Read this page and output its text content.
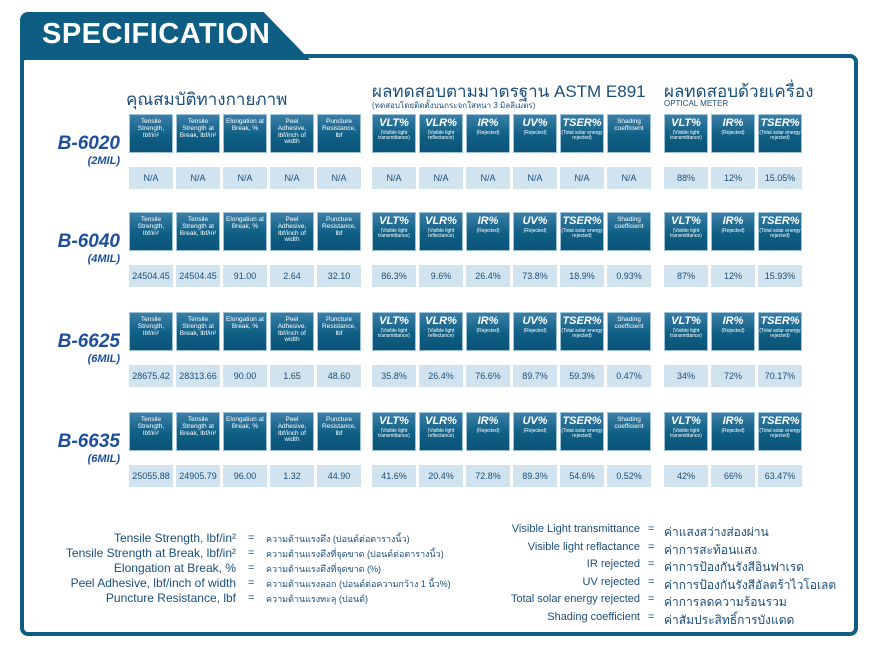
SPECIFICATION
คุณสมบัติทางกายภาพ	ผลทดสอบตามมาตรฐาน ASTM E891
(ทดสอบโดยติดตั้งบนกระจกใสหนา 3 มิลลิเมตร)
ผลทดสอบด้วยเครื่อง
OPTICAL METER
B-6020
(2MIL)
Tensile Strength, lbf/in²
N/A
Tensile Strength at Break, lbf/in²
N/A
Elongation at Break, %
N/A
Peel Adhesive, lbf/inch of width
N/A
Puncture Resistance, lbf
N/A
VLT%
(Visible light transmittance)
N/A
VLR%
(Visible light reflectance)
N/A
IR%
(Rejected)
N/A
UV%
(Rejected)
N/A
TSER%
(Total solar energy rejected)
N/A
Shading coefficient
N/A
VLT%
(Visible light transmittance)
88%
IR%
(Rejected)
12%
TSER%
(Total solar energy rejected)
15.05%
B-6040
(4MIL)
Tensile Strength, lbf/in²
24504.45
Tensile Strength at Break, lbf/in²
24504.45
Elongation at Break, %
91.00
Peel Adhesive, lbf/inch of width
2.64
Puncture Resistance, lbf
32.10
VLT%
(Visible light transmittance)
86.3%
VLR%
(Visible light reflectance)
9.6%
IR%
(Rejected)
26.4%
UV%
(Rejected)
73.8%
TSER%
(Total solar energy rejected)
18.9%
Shading coefficient
0.93%
VLT%
(Visible light transmittance)
87%
IR%
(Rejected)
12%
TSER%
(Total solar energy rejected)
15.93%
B-6625
(6MIL)
Tensile Strength, lbf/in²
28675.42
Tensile Strength at Break, lbf/in²
28313.66
Elongation at Break, %
90.00
Peel Adhesive, lbf/inch of width
1.65
Puncture Resistance, lbf
48.60
VLT%
(Visible light transmittance)
35.8%
VLR%
(Visible light reflectance)
26.4%
IR%
(Rejected)
76.6%
UV%
(Rejected)
89.7%
TSER%
(Total solar energy rejected)
59.3%
Shading coefficient
0.47%
VLT%
(Visible light transmittance)
34%
IR%
(Rejected)
72%
TSER%
(Total solar energy rejected)
70.17%
B-6635
(6MIL)
Tensile Strength, lbf/in²
25055.88
Tensile Strength at Break, lbf/in²
24905.79
Elongation at Break, %
96.00
Peel Adhesive, lbf/inch of width
1.32
Puncture Resistance, lbf
44.90
VLT%
(Visible light transmittance)
41.6%
VLR%
(Visible light reflectance)
20.4%
IR%
(Rejected)
72.8%
UV%
(Rejected)
89.3%
TSER%
(Total solar energy rejected)
54.6%
Shading coefficient
0.52%
VLT%
(Visible light transmittance)
42%
IR%
(Rejected)
66%
TSER%
(Total solar energy rejected)
63.47%
Tensile Strength, lbf/in² = ความต้านแรงดึง (ปอนด์ต่อตารางนิ้ว)
Tensile Strength at Break, lbf/in² = ความต้านแรงดึงที่จุดขาด (ปอนด์ต่อตารางนิ้ว)
Elongation at Break, % = ความต้านแรงดึงที่จุดขาด (%)
Peel Adhesive, lbf/inch of width = ความต้านแรงลอก (ปอนด์ต่อความกว้าง 1 นิ้ว%)
Puncture Resistance, lbf = ความต้านแรงทะลุ (ปอนด์)
Visible Light transmittance = ค่าแสงสว่างส่องผ่าน
Visible light reflactance = ค่าการสะท้อนแสง
IR rejected = ค่าการป้องกันรังสีอินฟาเรด
UV rejected = ค่าการป้องกันรังสีอัลตร้าไวโอเลต
Total solar energy rejected = ค่าการลดความร้อนรวม
Shading coefficient = ค่าสัมประสิทธิ์การบังแดด
